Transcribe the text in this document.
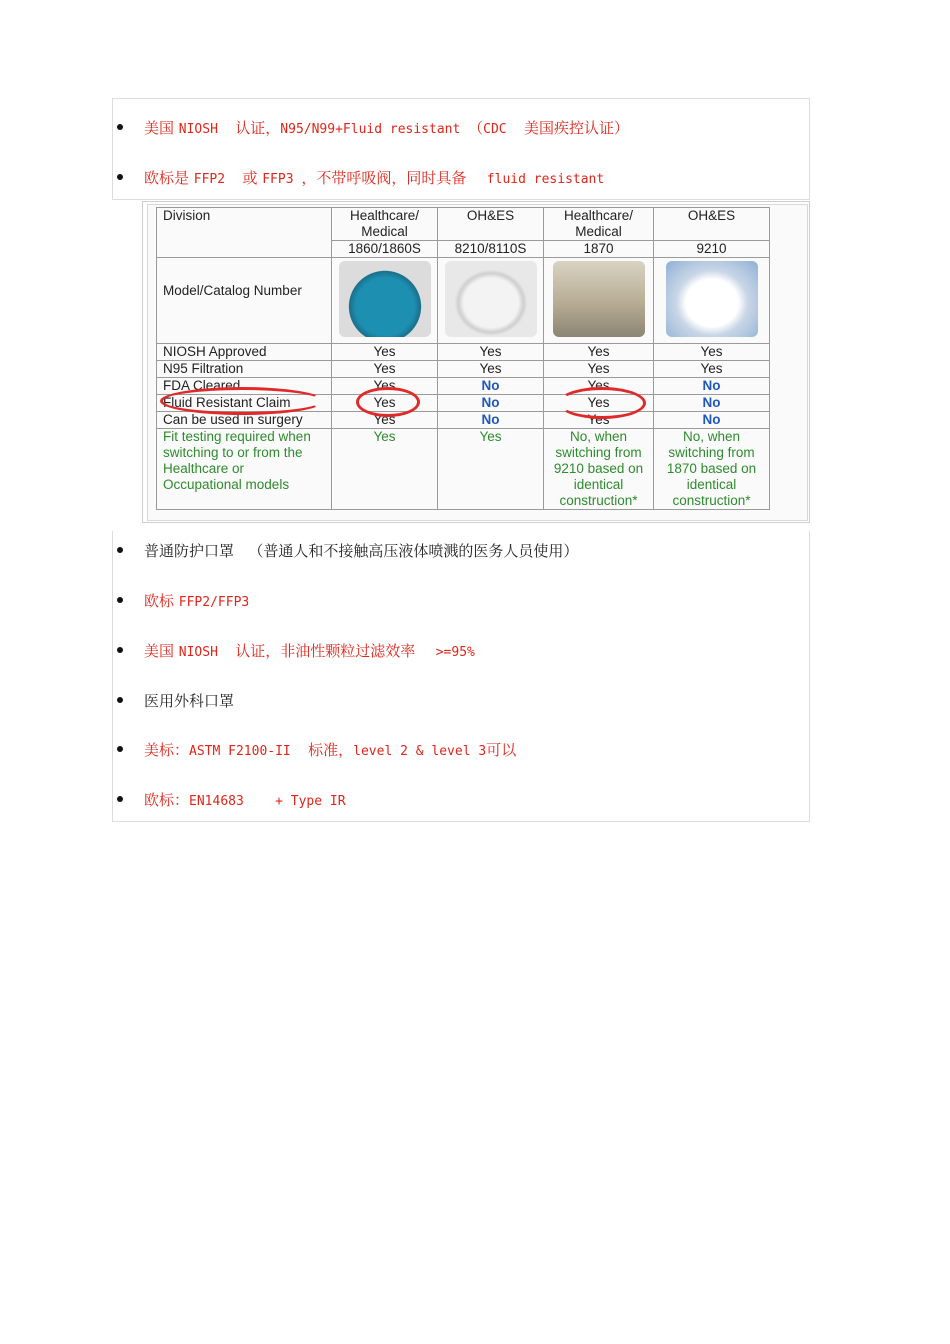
美国 NIOSH 认证， N95/N99+Fluid resistant （ CDC 美国疾控认证）
欧标是 FFP2 或 FFP3 ，不带呼吸阀，同时具备 fluid resistant
Division	Healthcare/ Medical	OH&ES	Healthcare/ Medical	OH&ES
	1860/1860S	8210/8110S	1870	9210
Model/Catalog Number	

NIOSH Approved	Yes	Yes	Yes	Yes
N95 Filtration	Yes	Yes	Yes	Yes
FDA Cleared	Yes	No	Yes	No
Fluid Resistant Claim	Yes	No	Yes	No
Can be used in surgery	Yes	No	Yes	No
Fit testing required when switching to or from the Healthcare or Occupational models	Yes	Yes	No, when switching from 9210 based on identical construction*	No, when switching from 1870 based on identical construction*
普通防护口罩 （普通人和不接触高压液体喷溅的医务人员使用）
欧标 FFP2/FFP3
美国 NIOSH 认证，非油性颗粒过滤效率 >=95%
医用外科口罩
美标： ASTM F2100-II 标准， level 2 & level 3 可以
欧标： EN14683 + Type IR
